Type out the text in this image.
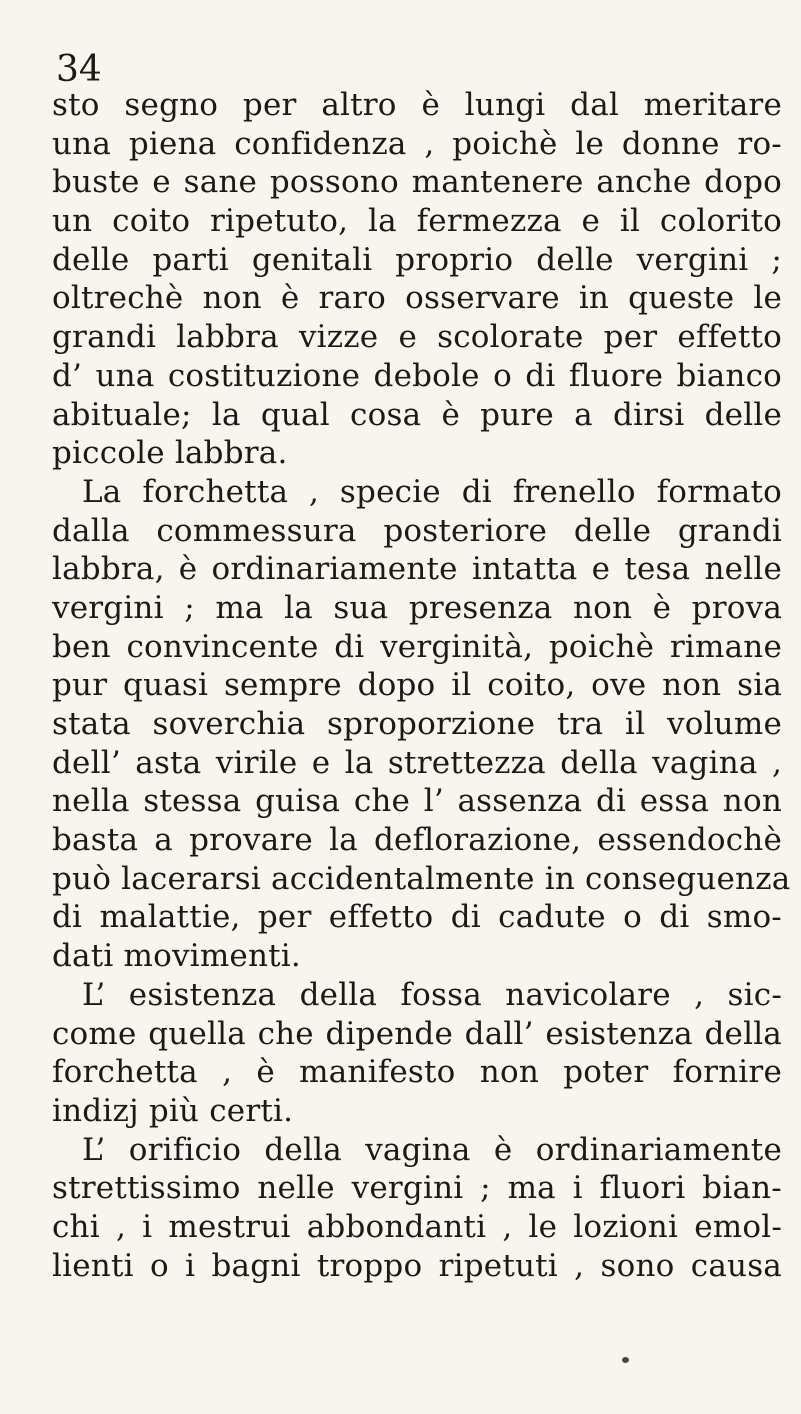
34
sto segno per altro è lungi dal meritare
una piena confidenza , poichè le donne ro-
buste e sane possono mantenere anche dopo
un coito ripetuto, la fermezza e il colorito
delle parti genitali proprio delle vergini ;
oltrechè non è raro osservare in queste le
grandi labbra vizze e scolorate per effetto
d’ una costituzione debole o di fluore bianco
abituale; la qual cosa è pure a dirsi delle
piccole labbra.
La forchetta , specie di frenello formato
dalla commessura posteriore delle grandi
labbra, è ordinariamente intatta e tesa nelle
vergini ; ma la sua presenza non è prova
ben convincente di verginità, poichè rimane
pur quasi sempre dopo il coito, ove non sia
stata soverchia sproporzione tra il volume
dell’ asta virile e la strettezza della vagina ,
nella stessa guisa che l’ assenza di essa non
basta a provare la deflorazione, essendochè
può lacerarsi accidentalmente in conseguenza
di malattie, per effetto di cadute o di smo-
dati movimenti.
L’ esistenza della fossa navicolare , sic-
come quella che dipende dall’ esistenza della
forchetta , è manifesto non poter fornire
indizj più certi.
L’ orificio della vagina è ordinariamente
strettissimo nelle vergini ; ma i fluori bian-
chi , i mestrui abbondanti , le lozioni emol-
lienti o i bagni troppo ripetuti , sono causa
